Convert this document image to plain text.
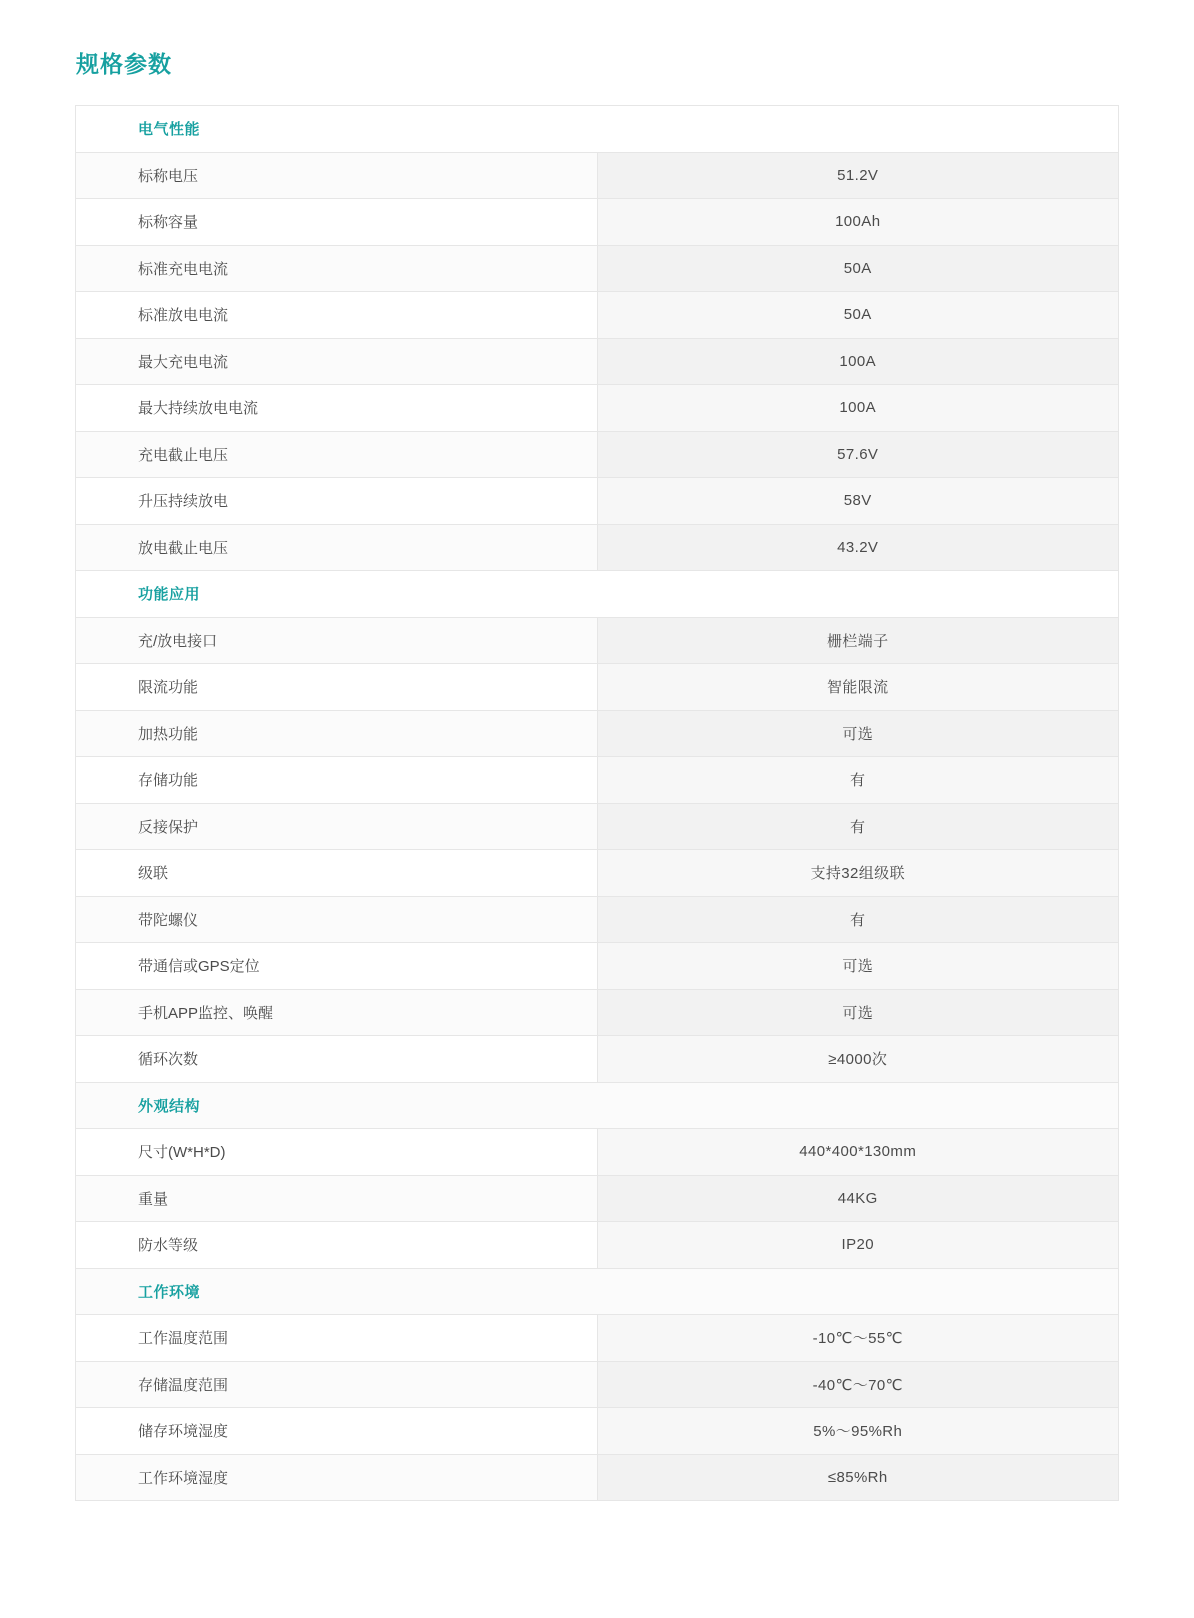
规格参数
电气性能	
标称电压	51.2V
标称容量	100Ah
标准充电电流	50A
标准放电电流	50A
最大充电电流	100A
最大持续放电电流	100A
充电截止电压	57.6V
升压持续放电	58V
放电截止电压	43.2V
功能应用	
充/放电接口	栅栏端子
限流功能	智能限流
加热功能	可选
存储功能	有
反接保护	有
级联	支持32组级联
带陀螺仪	有
带通信或GPS定位	可选
手机APP监控、唤醒	可选
循环次数	≥4000次
外观结构	
尺寸(W*H*D)	440*400*130mm
重量	44KG
防水等级	IP20
工作环境	
工作温度范围	-10℃～55℃
存储温度范围	-40℃～70℃
储存环境湿度	5%～95%Rh
工作环境湿度	≤85%Rh
